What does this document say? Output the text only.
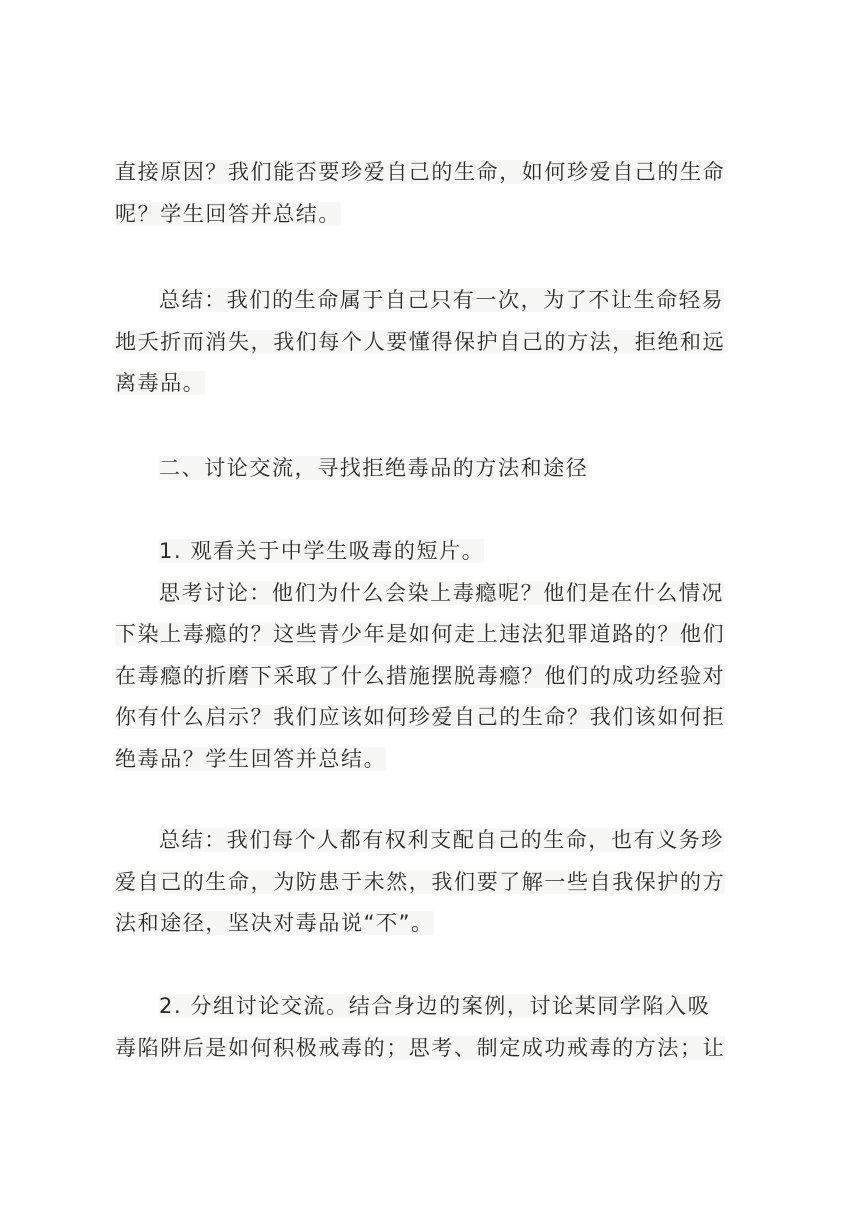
直接原因？我们能否要珍爱自己的生命，如何珍爱自己的生命
呢？学生回答并总结。
总结：我们的生命属于自己只有一次，为了不让生命轻易
地夭折而消失，我们每个人要懂得保护自己的方法，拒绝和远
离毒品。
二、讨论交流，寻找拒绝毒品的方法和途径
1. 观看关于中学生吸毒的短片。
思考讨论：他们为什么会染上毒瘾呢？他们是在什么情况
下染上毒瘾的？这些青少年是如何走上违法犯罪道路的？他们
在毒瘾的折磨下采取了什么措施摆脱毒瘾？他们的成功经验对
你有什么启示？我们应该如何珍爱自己的生命？我们该如何拒
绝毒品？学生回答并总结。
总结：我们每个人都有权利支配自己的生命，也有义务珍
爱自己的生命，为防患于未然，我们要了解一些自我保护的方
法和途径，坚决对毒品说“不”。
2. 分组讨论交流。结合身边的案例，讨论某同学陷入吸
毒陷阱后是如何积极戒毒的；思考、制定成功戒毒的方法；让
